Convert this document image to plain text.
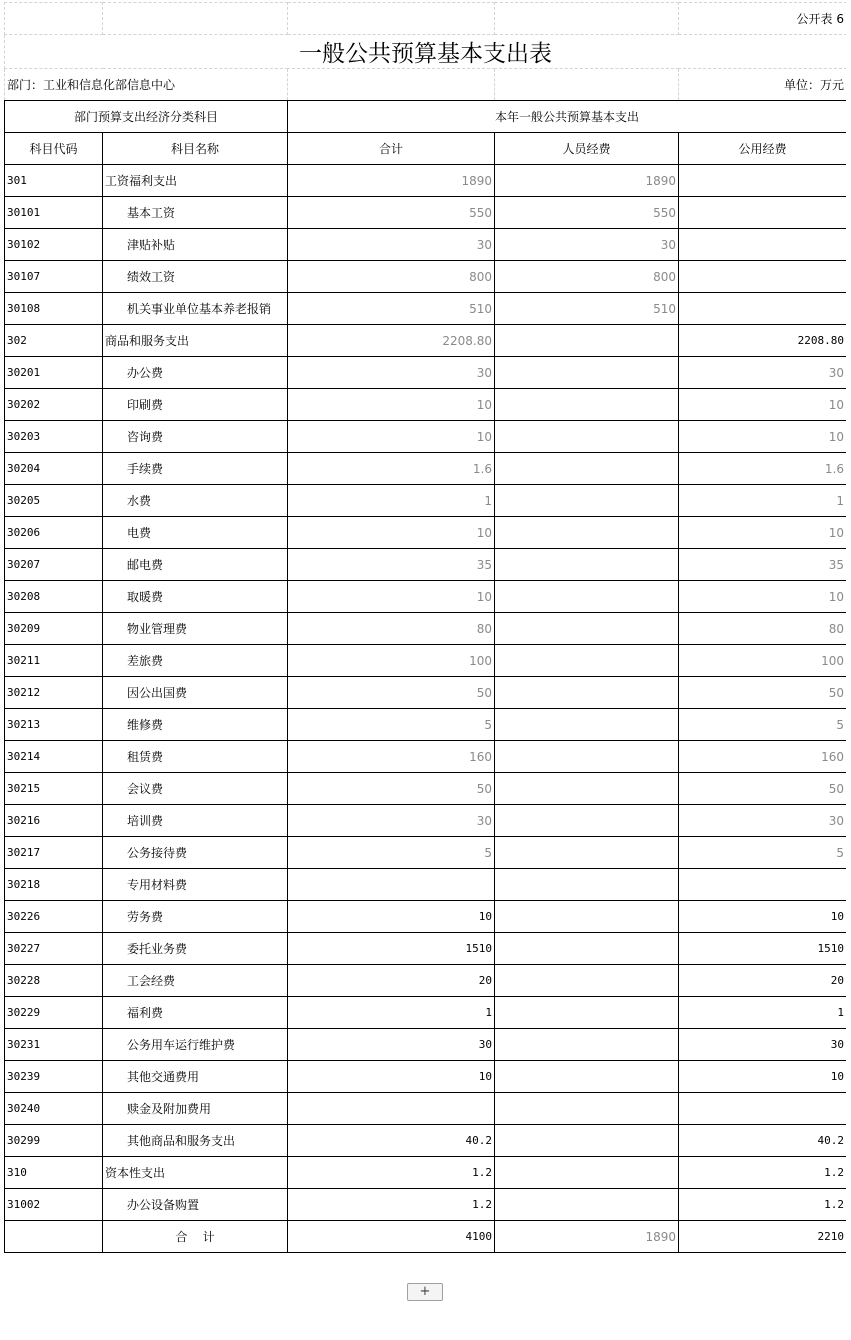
				公开表 6
一般公共预算基本支出表				
部门：工业和信息化部信息中心				单位：万元
部门预算支出经济分类科目		本年一般公共预算基本支出		
科目代码	科目名称	合计	人员经费	公用经费
301	工资福利支出	1890	1890	
30101	基本工资	550	550	
30102	津贴补贴	30	30	
30107	绩效工资	800	800	
30108	机关事业单位基本养老报销	510	510	
302	商品和服务支出	2208.80		2208.80
30201	办公费	30		30
30202	印刷费	10		10
30203	咨询费	10		10
30204	手续费	1.6		1.6
30205	水费	1		1
30206	电费	10		10
30207	邮电费	35		35
30208	取暖费	10		10
30209	物业管理费	80		80
30211	差旅费	100		100
30212	因公出国费	50		50
30213	维修费	5		5
30214	租赁费	160		160
30215	会议费	50		50
30216	培训费	30		30
30217	公务接待费	5		5
30218	专用材料费			
30226	劳务费	10		10
30227	委托业务费	1510		1510
30228	工会经费	20		20
30229	福利费	1		1
30231	公务用车运行维护费	30		30
30239	其他交通费用	10		10
30240	赎金及附加费用			
30299	其他商品和服务支出	40.2		40.2
310	资本性支出	1.2		1.2
31002	办公设备购置	1.2		1.2
	合    计	4100	1890	2210
+
